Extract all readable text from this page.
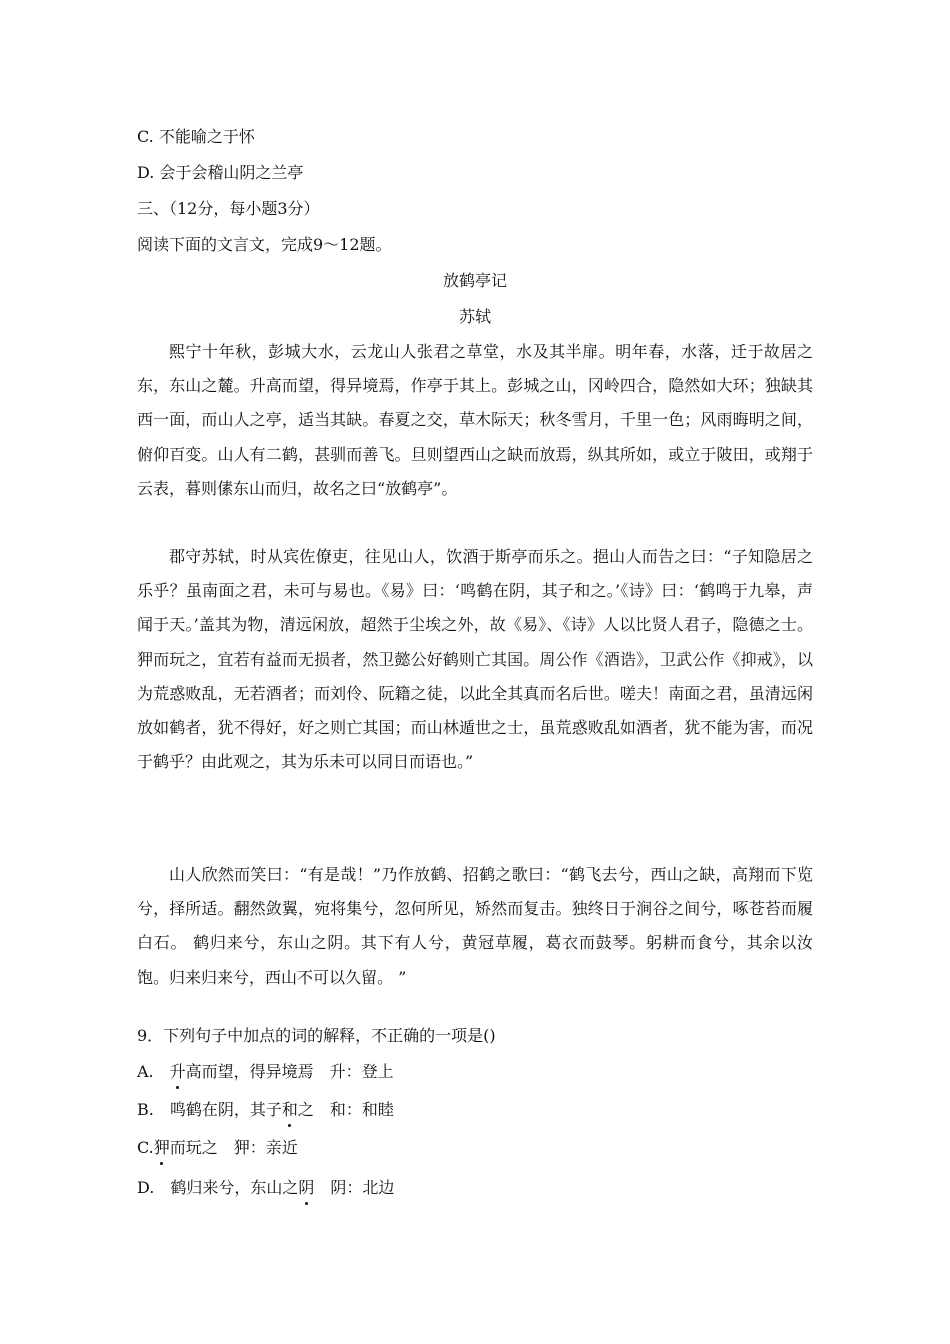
C. 不能喻之于怀
D. 会于会稽山阴之兰亭
三、（12分，每小题3分）
阅读下面的文言文，完成9～12题。
放鹤亭记
苏轼
熙宁十年秋，彭城大水，云龙山人张君之草堂，水及其半扉。明年春，水落，迁于故居之东，东山之麓。升高而望，得异境焉，作亭于其上。彭城之山，冈岭四合，隐然如大环；独缺其西一面，而山人之亭，适当其缺。春夏之交，草木际天；秋冬雪月，千里一色；风雨晦明之间，俯仰百变。山人有二鹤，甚驯而善飞。旦则望西山之缺而放焉，纵其所如，或立于陂田，或翔于云表，暮则傃东山而归，故名之曰“放鹤亭”。
郡守苏轼，时从宾佐僚吏，往见山人，饮酒于斯亭而乐之。挹山人而告之曰：“子知隐居之乐乎？虽南面之君，未可与易也。《易》曰：‘鸣鹤在阴，其子和之。’《诗》曰：‘鹤鸣于九皋，声闻于天。’盖其为物，清远闲放，超然于尘埃之外，故《易》、《诗》人以比贤人君子，隐德之士。狎而玩之，宜若有益而无损者，然卫懿公好鹤则亡其国。周公作《酒诰》，卫武公作《抑戒》，以为荒惑败乱，无若酒者；而刘伶、阮籍之徒，以此全其真而名后世。嗟夫！南面之君，虽清远闲放如鹤者，犹不得好，好之则亡其国；而山林遁世之士，虽荒惑败乱如酒者，犹不能为害，而况于鹤乎？由此观之，其为乐未可以同日而语也。”
山人欣然而笑曰：“有是哉！”乃作放鹤、招鹤之歌曰：“鹤飞去兮，西山之缺，高翔而下览兮，择所适。翻然敛翼，宛将集兮，忽何所见，矫然而复击。独终日于涧谷之间兮，啄苍苔而履白石。 鹤归来兮，东山之阴。其下有人兮，黄冠草履，葛衣而鼓琴。躬耕而食兮，其余以汝饱。归来归来兮，西山不可以久留。 ”
9．下列句子中加点的词的解释，不正确的一项是()
A. 升高而望，得异境焉 升：登上
B. 鸣鹤在阴，其子和之 和：和睦
C.狎而玩之 狎：亲近
D. 鹤归来兮，东山之阴 阴：北边
